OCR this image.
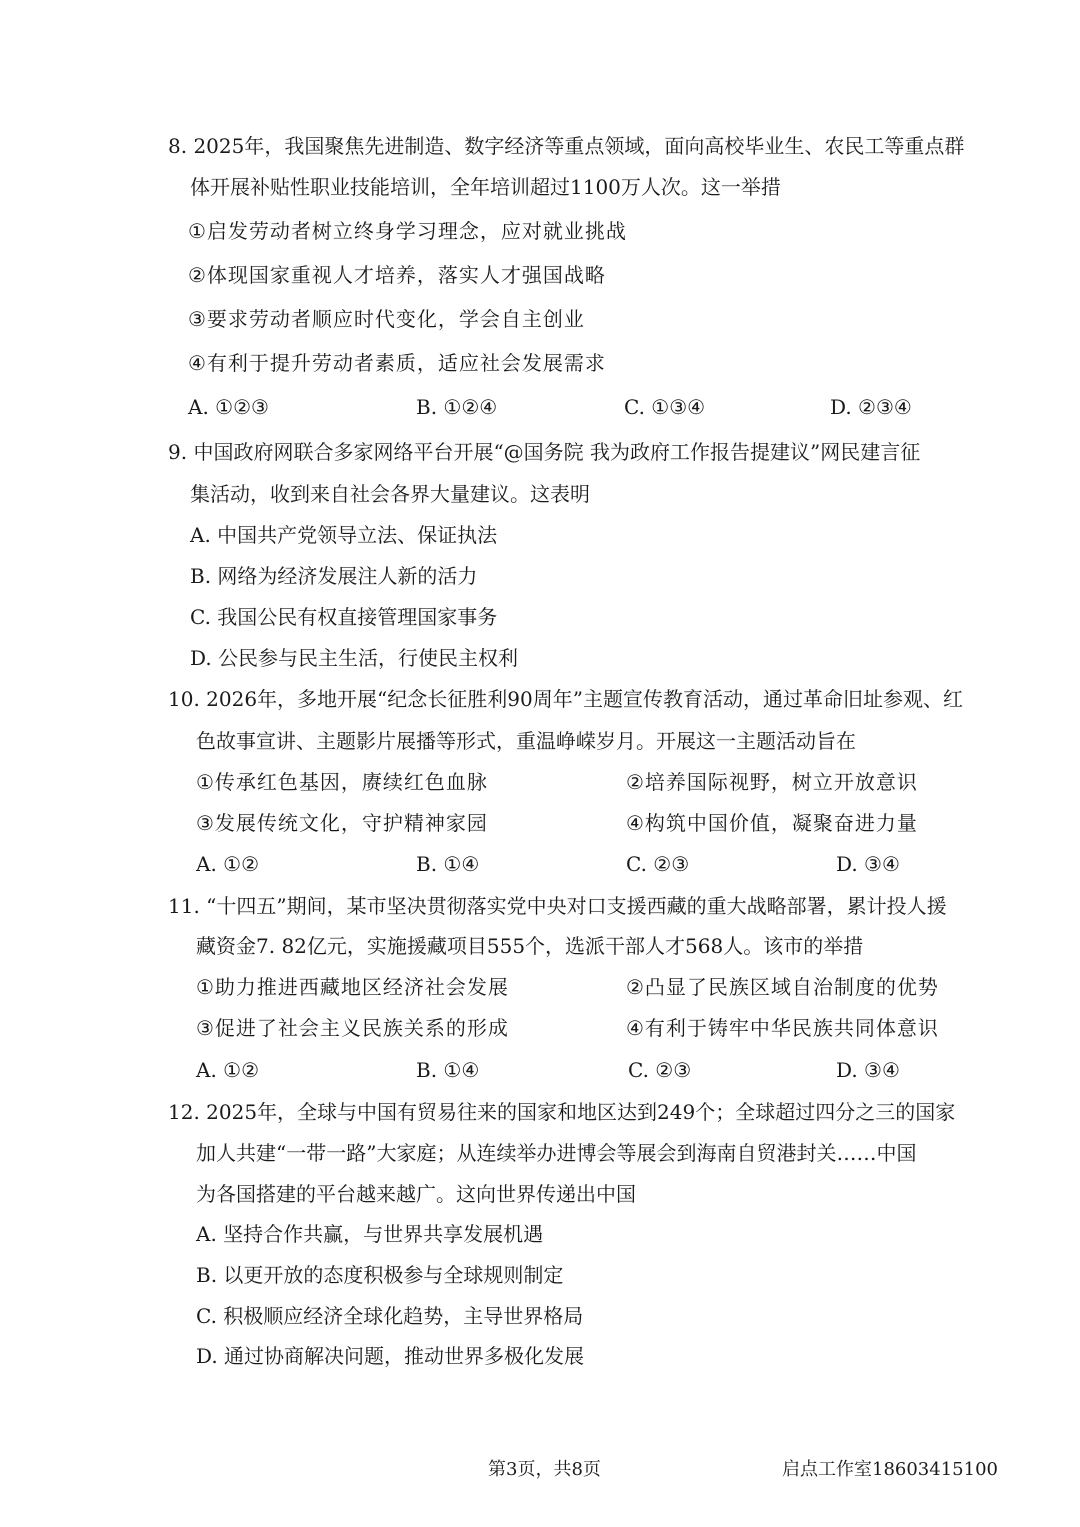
8. 2025年，我国聚焦先进制造、数字经济等重点领域，面向高校毕业生、农民工等重点群
体开展补贴性职业技能培训，全年培训超过1100万人次。这一举措
①启发劳动者树立终身学习理念，应对就业挑战
②体现国家重视人才培养，落实人才强国战略
③要求劳动者顺应时代变化，学会自主创业
④有利于提升劳动者素质，适应社会发展需求
A. ①②③	B. ①②④	C. ①③④	D. ②③④
9. 中国政府网联合多家网络平台开展“@国务院 我为政府工作报告提建议”网民建言征
集活动，收到来自社会各界大量建议。这表明
A. 中国共产党领导立法、保证执法
B. 网络为经济发展注人新的活力
C. 我国公民有权直接管理国家事务
D. 公民参与民主生活，行使民主权利
10. 2026年，多地开展“纪念长征胜利90周年”主题宣传教育活动，通过革命旧址参观、红
色故事宣讲、主题影片展播等形式，重温峥嵘岁月。开展这一主题活动旨在
①传承红色基因，赓续红色血脉	②培养国际视野，树立开放意识
③发展传统文化，守护精神家园	④构筑中国价值，凝聚奋进力量
A. ①②	B. ①④	C. ②③	D. ③④
11. “十四五”期间，某市坚决贯彻落实党中央对口支援西藏的重大战略部署，累计投人援
藏资金7. 82亿元，实施援藏项目555个，选派干部人才568人。该市的举措
①助力推进西藏地区经济社会发展	②凸显了民族区域自治制度的优势
③促进了社会主义民族关系的形成	④有利于铸牢中华民族共同体意识
A. ①②	B. ①④	C. ②③	D. ③④
12. 2025年，全球与中国有贸易往来的国家和地区达到249个；全球超过四分之三的国家
加人共建“一带一路”大家庭；从连续举办进博会等展会到海南自贸港封关……中国
为各国搭建的平台越来越广。这向世界传递出中国
A. 坚持合作共赢，与世界共享发展机遇
B. 以更开放的态度积极参与全球规则制定
C. 积极顺应经济全球化趋势，主导世界格局
D. 通过协商解决问题，推动世界多极化发展
第3页，共8页	启点工作室18603415100
